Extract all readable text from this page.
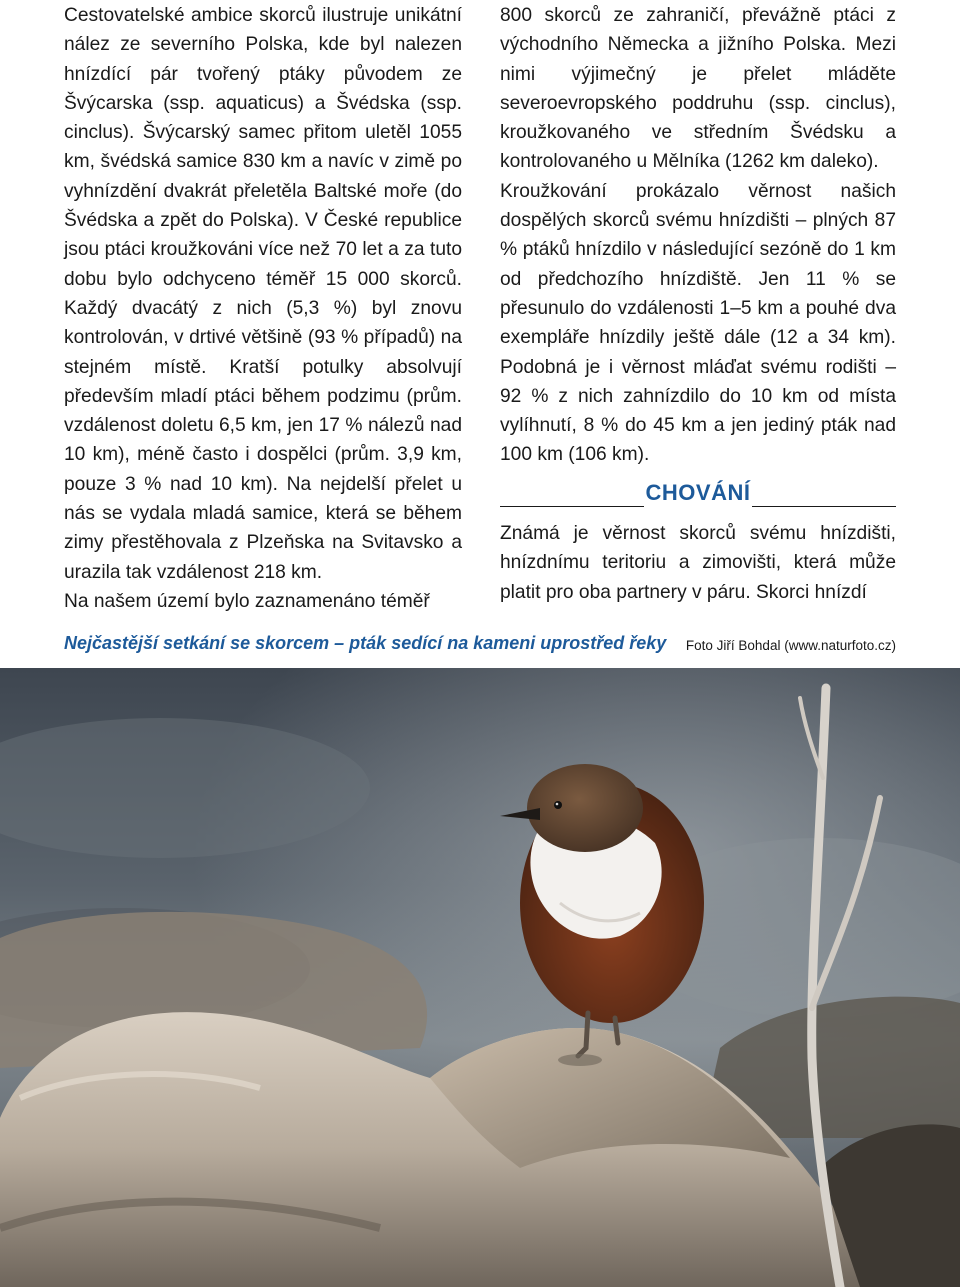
Cestovatelské ambice skorců ilustruje unikátní nález ze severního Polska, kde byl nalezen hnízdící pár tvořený ptáky původem ze Švýcarska (ssp. aquaticus) a Švédska (ssp. cinclus). Švýcarský samec přitom uletěl 1055 km, švédská samice 830 km a navíc v zimě po vyhnízdění dvakrát přeletěla Baltské moře (do Švédska a zpět do Polska). V České republice jsou ptáci kroužkováni více než 70 let a za tuto dobu bylo odchyceno téměř 15 000 skorců. Každý dvacátý z nich (5,3 %) byl znovu kontrolován, v drtivé většině (93 % případů) na stejném místě. Kratší potulky absolvují především mladí ptáci během podzimu (prům. vzdálenost doletu 6,5 km, jen 17 % nálezů nad 10 km), méně často i dospělci (prům. 3,9 km, pouze 3 % nad 10 km). Na nejdelší přelet u nás se vydala mladá samice, která se během zimy přestěhovala z Plzeňska na Svitavsko a urazila tak vzdálenost 218 km.

Na našem území bylo zaznamenáno téměř

800 skorců ze zahraničí, převážně ptáci z východního Německa a jižního Polska. Mezi nimi výjimečný je přelet mláděte severoevropského poddruhu (ssp. cinclus), kroužkovaného ve středním Švédsku a kontrolovaného u Mělníka (1262 km daleko).

Kroužkování prokázalo věrnost našich dospělých skorců svému hnízdišti – plných 87 % ptáků hnízdilo v následující sezóně do 1 km od předchozího hnízdiště. Jen 11 % se přesunulo do vzdálenosti 1–5 km a pouhé dva exempláře hnízdily ještě dále (12 a 34 km). Podobná je i věrnost mláďat svému rodišti – 92 % z nich zahnízdilo do 10 km od místa vylíhnutí, 8 % do 45 km a jen jediný pták nad 100 km (106 km).

Známá je věrnost skorců svému hnízdišti, hnízdnímu teritoriu a zimovišti, která může platit pro oba partnery v páru. Skorci hnízdí

CHOVÁNÍ
Nejčastější setkání se skorcem – pták sedící na kameni uprostřed řeky Foto Jiří Bohdal (www.naturfoto.cz)
